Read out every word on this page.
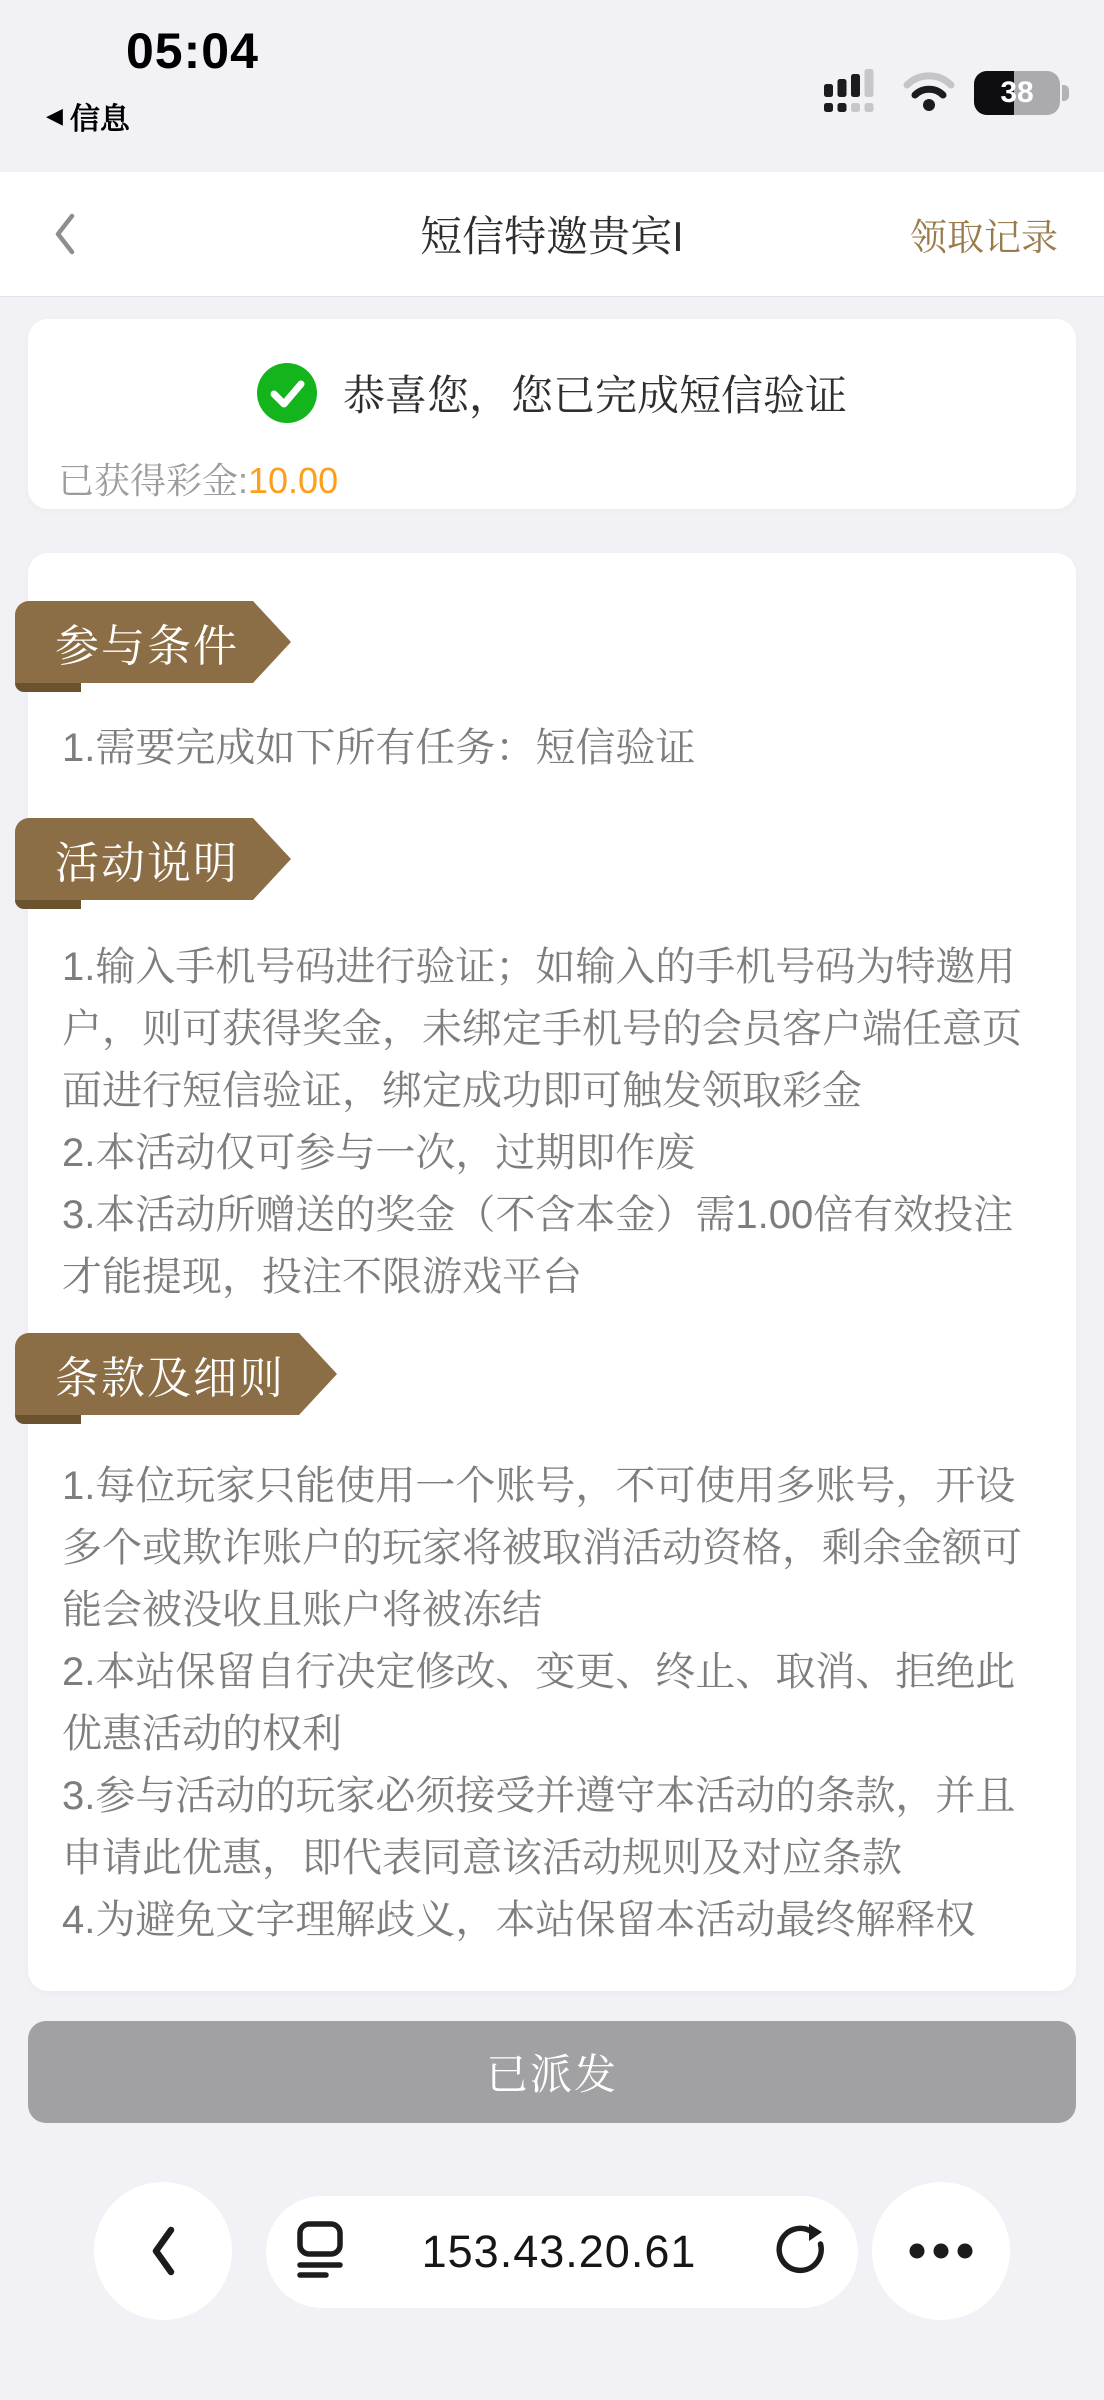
05:04
◀ 信息
38
短信特邀贵宾I	领取记录
恭喜您，您已完成短信验证
已获得彩金:10.00
参与条件
1.需要完成如下所有任务：短信验证
活动说明
1.输入手机号码进行验证；如输入的手机号码为特邀用户，则可获得奖金，未绑定手机号的会员客户端任意页面进行短信验证，绑定成功即可触发领取彩金
2.本活动仅可参与一次，过期即作废
3.本活动所赠送的奖金（不含本金）需1.00倍有效投注才能提现，投注不限游戏平台
条款及细则
1.每位玩家只能使用一个账号，不可使用多账号，开设多个或欺诈账户的玩家将被取消活动资格，剩余金额可能会被没收且账户将被冻结
2.本站保留自行决定修改、变更、终止、取消、拒绝此优惠活动的权利
3.参与活动的玩家必须接受并遵守本活动的条款，并且申请此优惠，即代表同意该活动规则及对应条款
4.为避免文字理解歧义，本站保留本活动最终解释权
已派发
153.43.20.61
